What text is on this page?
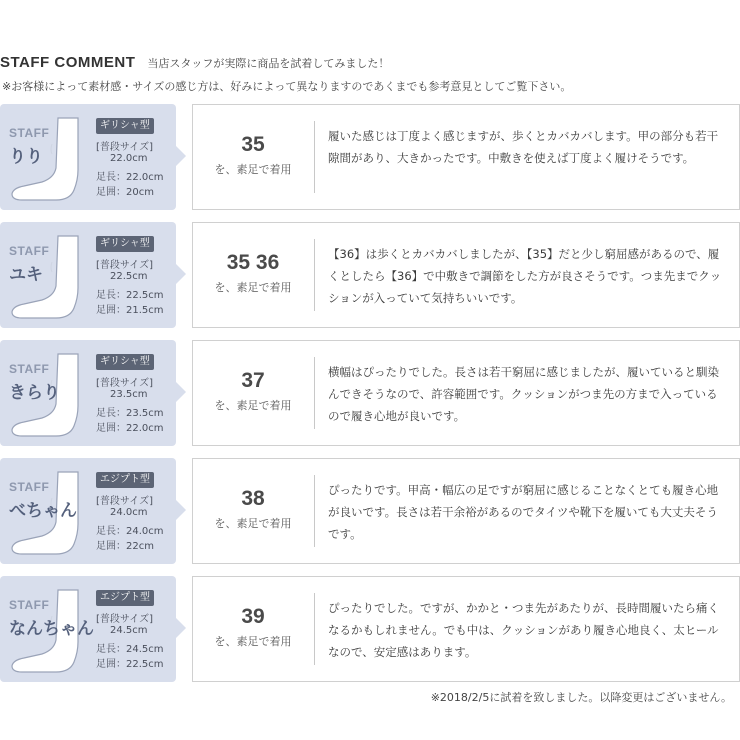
STAFF COMMENT 当店スタッフが実際に商品を試着してみました！
※お客様によって素材感・サイズの感じ方は、好みによって異なりますのであくまでも参考意見としてご覧下さい。
STAFF
りり
ギリシャ型
[普段サイズ]
22.0cm
足長：22.0cm
足囲：20cm
35
を、素足で着用
履いた感じは丁度よく感じますが、歩くとカバカバします。甲の部分も若干隙間があり、大きかったです。中敷きを使えば丁度よく履けそうです。
STAFF
ユキ
ギリシャ型
[普段サイズ]
22.5cm
足長：22.5cm
足囲：21.5cm
35 36
を、素足で着用
【36】は歩くとカバカバしましたが、【35】だと少し窮屈感があるので、履くとしたら【36】で中敷きで調節をした方が良さそうです。つま先までクッションが入っていて気持ちいいです。
STAFF
きらり
ギリシャ型
[普段サイズ]
23.5cm
足長：23.5cm
足囲：22.0cm
37
を、素足で着用
横幅はぴったりでした。長さは若干窮屈に感じましたが、履いていると馴染んできそうなので、許容範囲です。クッションがつま先の方まで入っているので履き心地が良いです。
STAFF
べちゃん
エジプト型
[普段サイズ]
24.0cm
足長：24.0cm
足囲：22cm
38
を、素足で着用
ぴったりです。甲高・幅広の足ですが窮屈に感じることなくとても履き心地が良いです。長さは若干余裕があるのでタイツや靴下を履いても大丈夫そうです。
STAFF
なんちゃん
エジプト型
[普段サイズ]
24.5cm
足長：24.5cm
足囲：22.5cm
39
を、素足で着用
ぴったりでした。ですが、かかと・つま先があたりが、長時間履いたら痛くなるかもしれません。でも中は、クッションがあり履き心地良く、太ヒールなので、安定感はあります。
※2018/2/5に試着を致しました。以降変更はございません。
